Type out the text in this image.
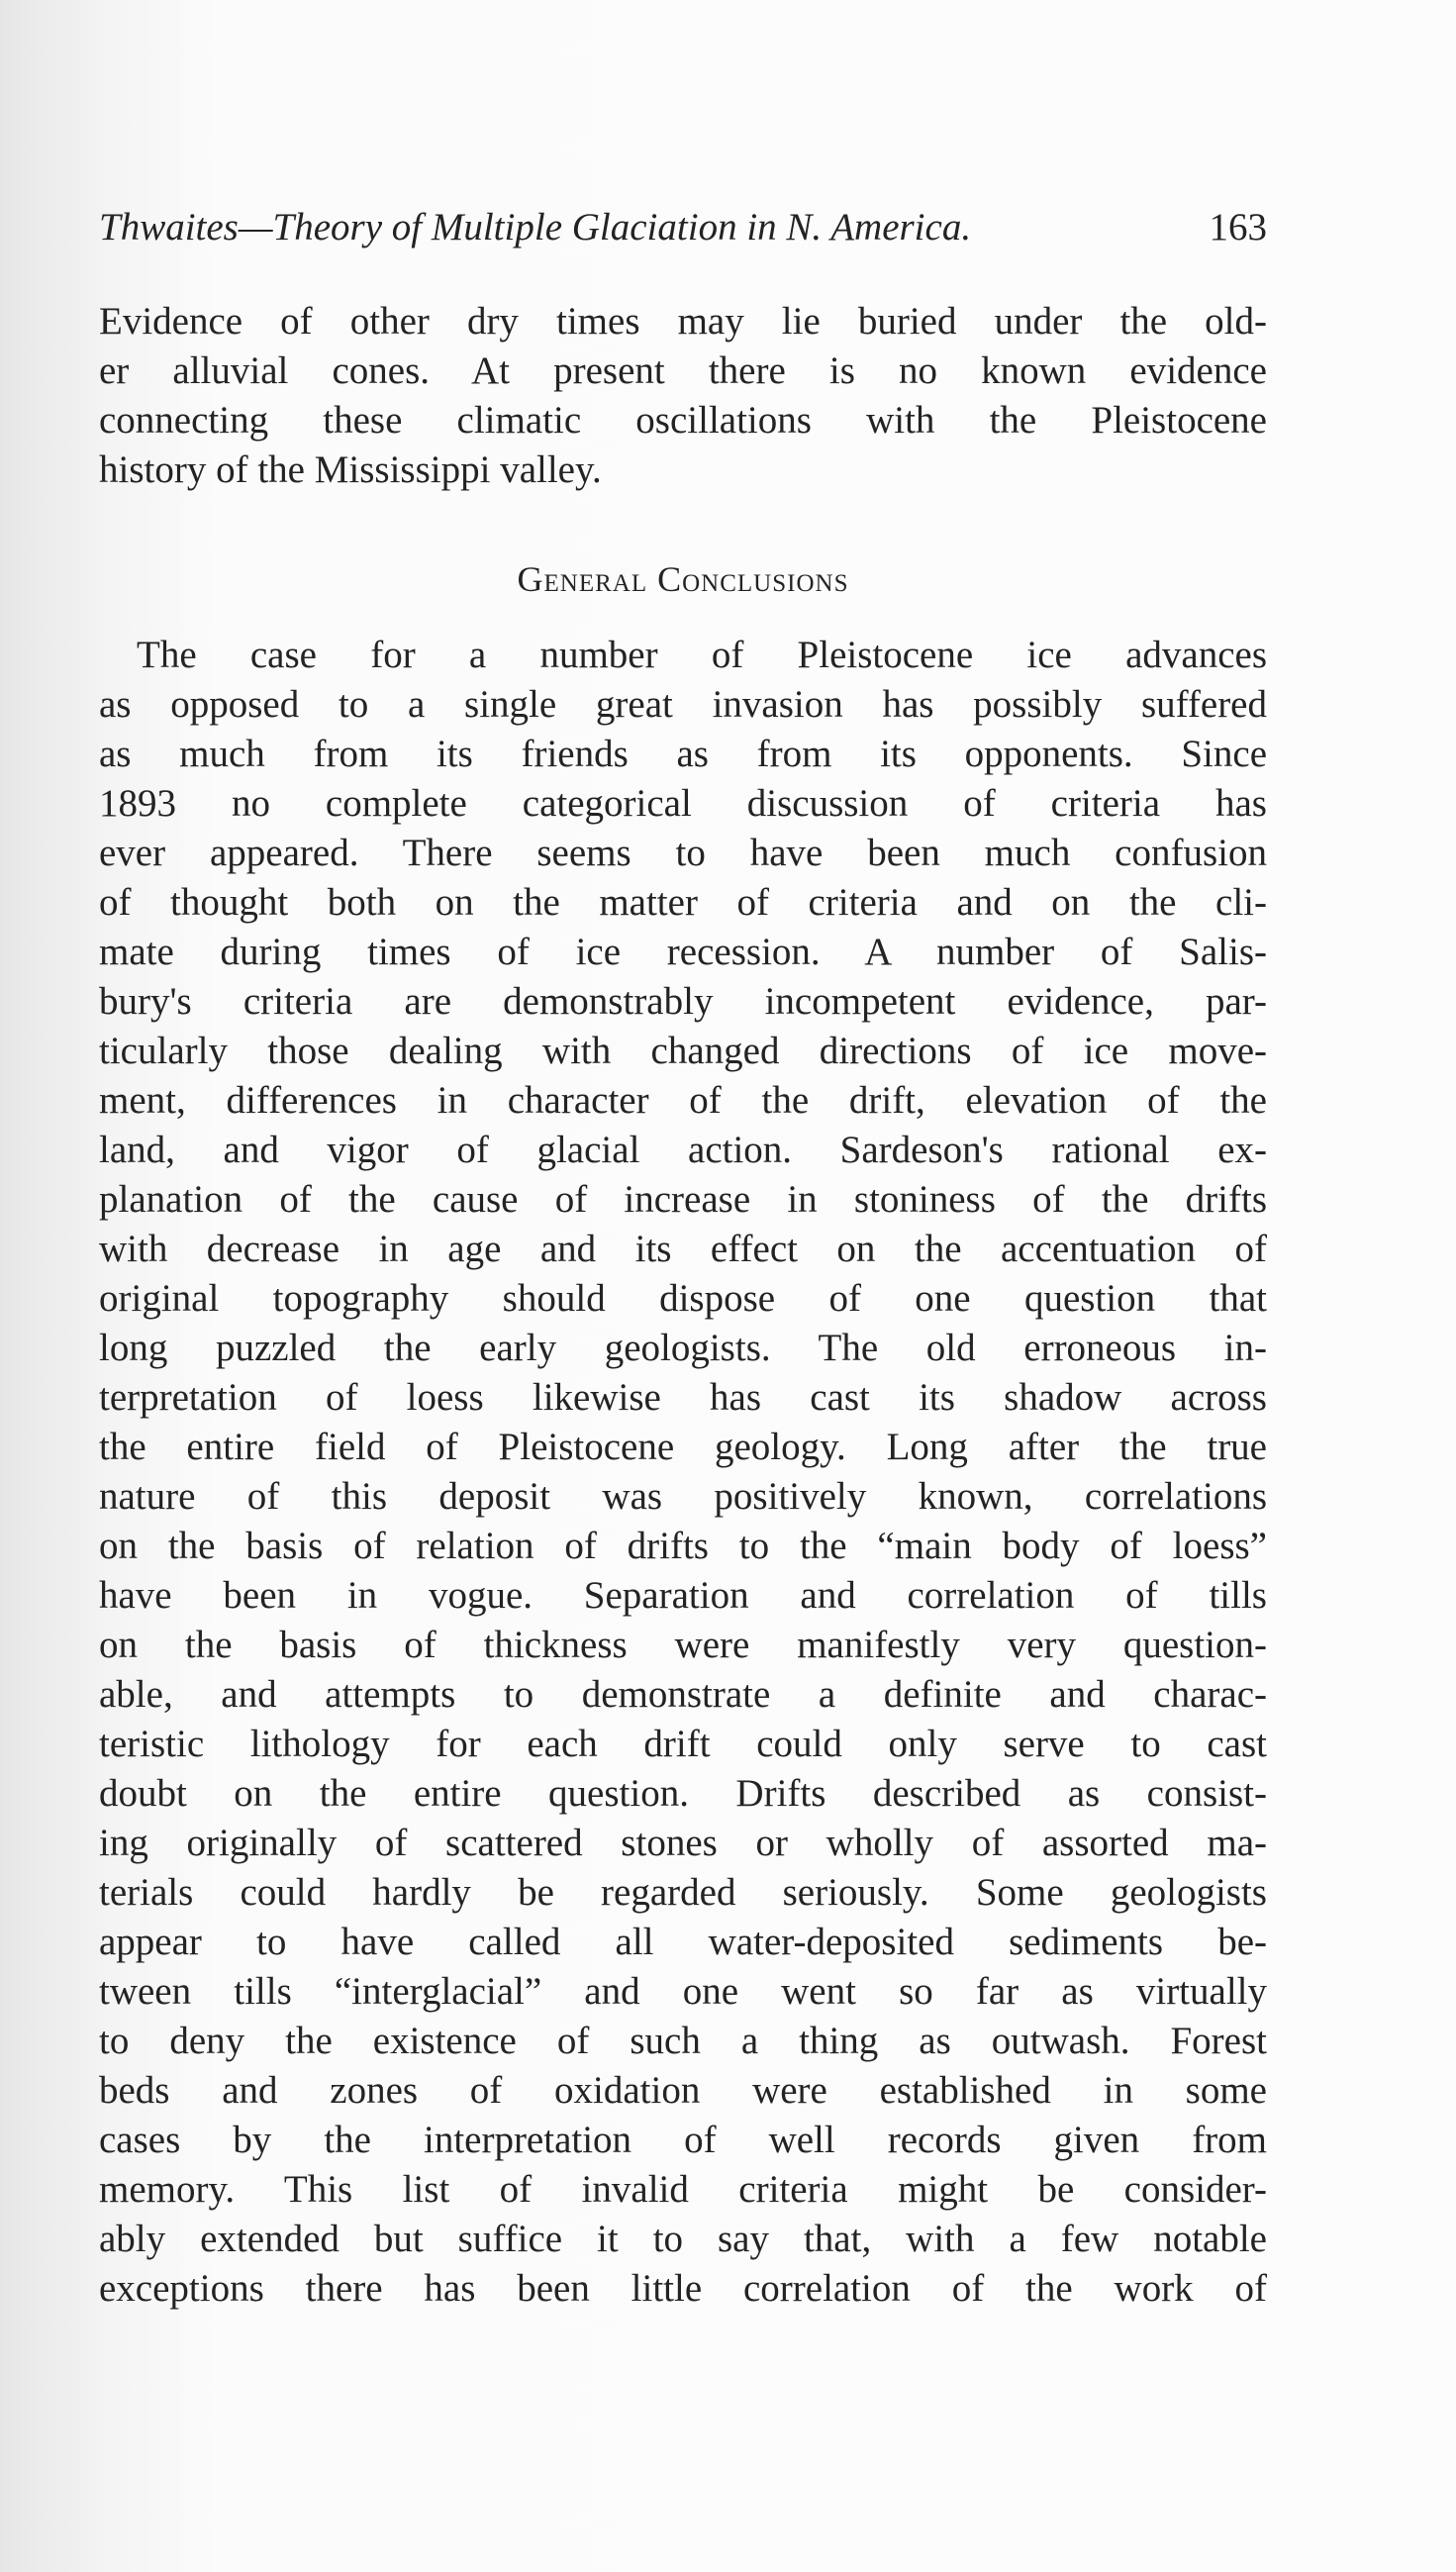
Thwaites—Theory of Multiple Glaciation in N. America.	163
Evidence of other dry times may lie buried under the old-
er alluvial cones. At present there is no known evidence
connecting these climatic oscillations with the Pleistocene
history of the Mississippi valley.
General Conclusions
The case for a number of Pleistocene ice advances
as opposed to a single great invasion has possibly suffered
as much from its friends as from its opponents. Since
1893 no complete categorical discussion of criteria has
ever appeared. There seems to have been much confusion
of thought both on the matter of criteria and on the cli-
mate during times of ice recession. A number of Salis-
bury's criteria are demonstrably incompetent evidence, par-
ticularly those dealing with changed directions of ice move-
ment, differences in character of the drift, elevation of the
land, and vigor of glacial action. Sardeson's rational ex-
planation of the cause of increase in stoniness of the drifts
with decrease in age and its effect on the accentuation of
original topography should dispose of one question that
long puzzled the early geologists. The old erroneous in-
terpretation of loess likewise has cast its shadow across
the entire field of Pleistocene geology. Long after the true
nature of this deposit was positively known, correlations
on the basis of relation of drifts to the “main body of loess”
have been in vogue. Separation and correlation of tills
on the basis of thickness were manifestly very question-
able, and attempts to demonstrate a definite and charac-
teristic lithology for each drift could only serve to cast
doubt on the entire question. Drifts described as consist-
ing originally of scattered stones or wholly of assorted ma-
terials could hardly be regarded seriously. Some geologists
appear to have called all water-deposited sediments be-
tween tills “interglacial” and one went so far as virtually
to deny the existence of such a thing as outwash. Forest
beds and zones of oxidation were established in some
cases by the interpretation of well records given from
memory. This list of invalid criteria might be consider-
ably extended but suffice it to say that, with a few notable
exceptions there has been little correlation of the work of
